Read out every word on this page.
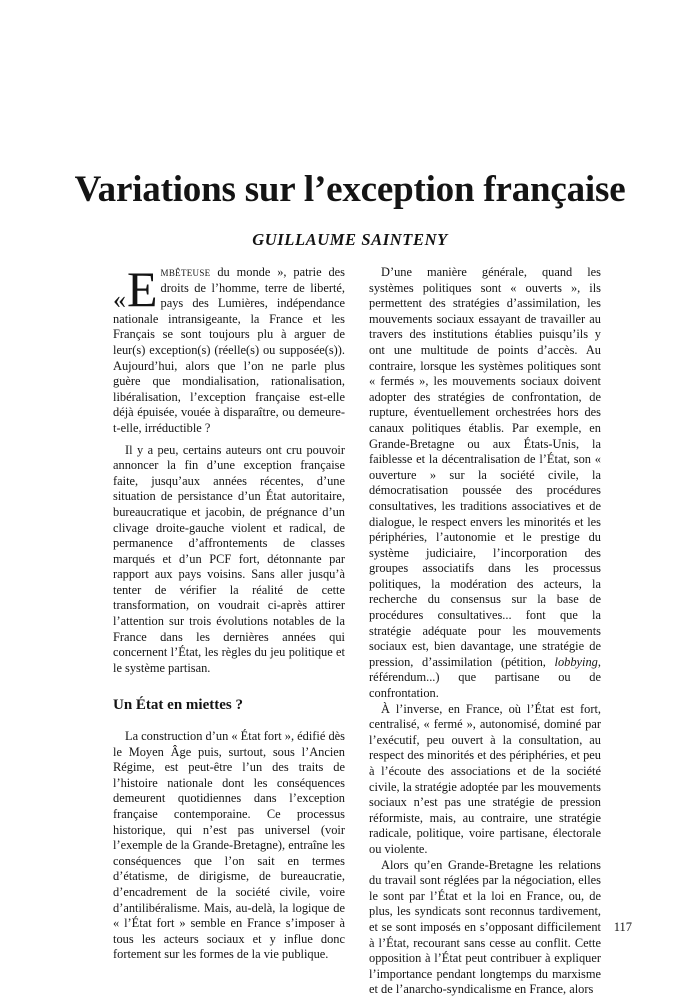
Variations sur l’exception française
GUILLAUME SAINTENY

« E mbêteuse du monde », patrie des droits de l’homme, terre de liberté, pays des Lumières, indépendance nationale intransigeante, la France et les Français se sont toujours plu à arguer de leur(s) exception(s) (réelle(s) ou supposée(s)). Aujourd’hui, alors que l’on ne parle plus guère que mondialisation, rationalisation, libéralisation, l’exception française est-elle déjà épuisée, vouée à disparaître, ou demeure-t-elle, irréductible ?

Il y a peu, certains auteurs ont cru pouvoir annoncer la fin d’une exception française faite, jusqu’aux années récentes, d’une situation de persistance d’un État autoritaire, bureaucratique et jacobin, de prégnance d’un clivage droite-gauche violent et radical, de permanence d’affrontements de classes marqués et d’un PCF fort, détonnante par rapport aux pays voisins. Sans aller jusqu’à tenter de vérifier la réalité de cette transformation, on voudrait ci-après attirer l’attention sur trois évolutions notables de la France dans les dernières années qui concernent l’État, les règles du jeu politique et le système partisan.

Un État en miettes ?

La construction d’un « État fort », édifié dès le Moyen Âge puis, surtout, sous l’Ancien Régime, est peut-être l’un des traits de l’histoire nationale dont les conséquences demeurent quotidiennes dans l’exception française contemporaine. Ce processus historique, qui n’est pas universel (voir l’exemple de la Grande-Bretagne), entraîne les conséquences que l’on sait en termes d’étatisme, de dirigisme, de bureaucratie, d’encadrement de la société civile, voire d’antilibéralisme. Mais, au-delà, la logique de « l’État fort » semble en France s’imposer à tous les acteurs sociaux et y influe donc fortement sur les formes de la vie publique.

D’une manière générale, quand les systèmes politiques sont « ouverts », ils permettent des stratégies d’assimilation, les mouvements sociaux essayant de travailler au travers des institutions établies puisqu’ils y ont une multitude de points d’accès. Au contraire, lorsque les systèmes politiques sont « fermés », les mouvements sociaux doivent adopter des stratégies de confrontation, de rupture, éventuellement orchestrées hors des canaux politiques établis. Par exemple, en Grande-Bretagne ou aux États-Unis, la faiblesse et la décentralisation de l’État, son « ouverture » sur la société civile, la démocratisation poussée des procédures consultatives, les traditions associatives et de dialogue, le respect envers les minorités et les périphéries, l’autonomie et le prestige du système judiciaire, l’incorporation des groupes associatifs dans les processus politiques, la modération des acteurs, la recherche du consensus sur la base de procédures consultatives... font que la stratégie adéquate pour les mouvements sociaux est, bien davantage, une stratégie de pression, d’assimilation (pétition, lobbying, référendum...) que partisane ou de confrontation.

À l’inverse, en France, où l’État est fort, centralisé, « fermé », autonomisé, dominé par l’exécutif, peu ouvert à la consultation, au respect des minorités et des périphéries, et peu à l’écoute des associations et de la société civile, la stratégie adoptée par les mouvements sociaux n’est pas une stratégie de pression réformiste, mais, au contraire, une stratégie radicale, politique, voire partisane, électorale ou violente.

Alors qu’en Grande-Bretagne les relations du travail sont réglées par la négociation, elles le sont par l’État et la loi en France, ou, de plus, les syndicats sont reconnus tardivement, et se sont imposés en s’opposant difficilement à l’État, recourant sans cesse au conflit. Cette opposition à l’État peut contribuer à expliquer l’importance pendant longtemps du marxisme et de l’anarcho-syndicalisme en France, alors

117
